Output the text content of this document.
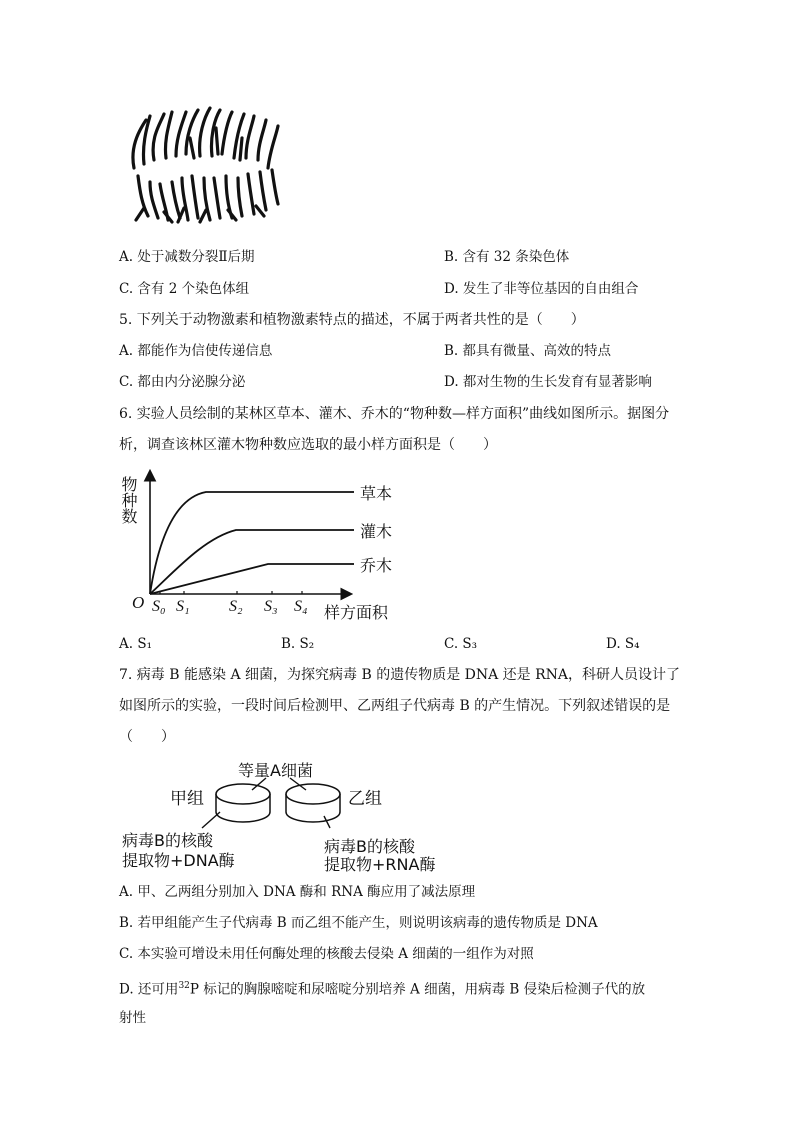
A. 处于减数分裂Ⅱ后期	B. 含有 32 条染色体
C. 含有 2 个染色体组	D. 发生了非等位基因的自由组合
5. 下列关于动物激素和植物激素特点的描述，不属于两者共性的是（　　）
A. 都能作为信使传递信息	B. 都具有微量、高效的特点
C. 都由内分泌腺分泌	D. 都对生物的生长发育有显著影响
6. 实验人员绘制的某林区草本、灌木、乔木的“物种数—样方面积”曲线如图所示。据图分
析，调查该林区灌木物种数应选取的最小样方面积是（　　）
物种数
O
样方面积
S₀ S₁ S₂ S₃ S₄
草本
灌木
乔木
A. S₁	B. S₂	C. S₃	D. S₄
7. 病毒 B 能感染 A 细菌，为探究病毒 B 的遗传物质是 DNA 还是 RNA，科研人员设计了
如图所示的实验，一段时间后检测甲、乙两组子代病毒 B 的产生情况。下列叙述错误的是
（　　）
等量A细菌
甲组	乙组
病毒B的核酸
提取物+DNA酶
病毒B的核酸
提取物+RNA酶
A. 甲、乙两组分别加入 DNA 酶和 RNA 酶应用了减法原理
B. 若甲组能产生子代病毒 B 而乙组不能产生，则说明该病毒的遗传物质是 DNA
C. 本实验可增设未用任何酶处理的核酸去侵染 A 细菌的一组作为对照
D. 还可用$^{32}$P 标记的胸腺嘧啶和尿嘧啶分别培养 A 细菌，用病毒 B 侵染后检测子代的放
射性
